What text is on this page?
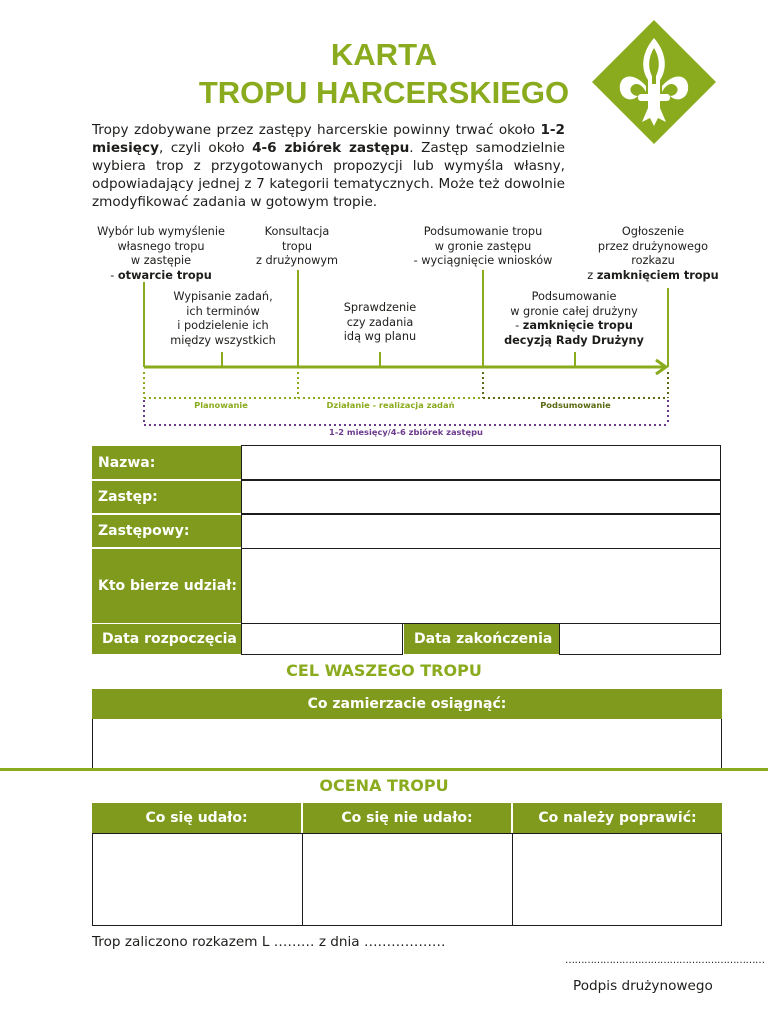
KARTA
TROPU HARCERSKIEGO
Tropy zdobywane przez zastępy harcerskie powinny trwać około 1-2 miesięcy, czyli około 4-6 zbiórek zastępu. Zastęp samodzielnie wybiera trop z przygotowanych propozycji lub wymyśla własny, odpowiadający jednej z 7 kategorii tematycznych. Może też dowolnie zmodyfikować zadania w gotowym tropie.
Wybór lub wymyślenie
własnego tropu
w zastępie
- otwarcie tropu
Konsultacja
tropu
z drużynowym
Podsumowanie tropu
w gronie zastępu
- wyciągnięcie wniosków
Ogłoszenie
przez drużynowego
rozkazu
z zamknięciem tropu
Wypisanie zadań,
ich terminów
i podzielenie ich
między wszystkich
Sprawdzenie
czy zadania
idą wg planu
Podsumowanie
w gronie całej drużyny
- zamknięcie tropu
decyzją Rady Drużyny
Planowanie	Działanie - realizacja zadań	Podsumowanie
1-2 miesięcy/4-6 zbiórek zastępu
Nazwa:
Zastęp:
Zastępowy:
Kto bierze udział:
Data rozpoczęcia	Data zakończenia
CEL WASZEGO TROPU
Co zamierzacie osiągnąć:
OCENA TROPU
Co się udało:	Co się nie udało:	Co należy poprawić:
Trop zaliczono rozkazem L ……… z dnia ………………
………………………………………………………
Podpis drużynowego
